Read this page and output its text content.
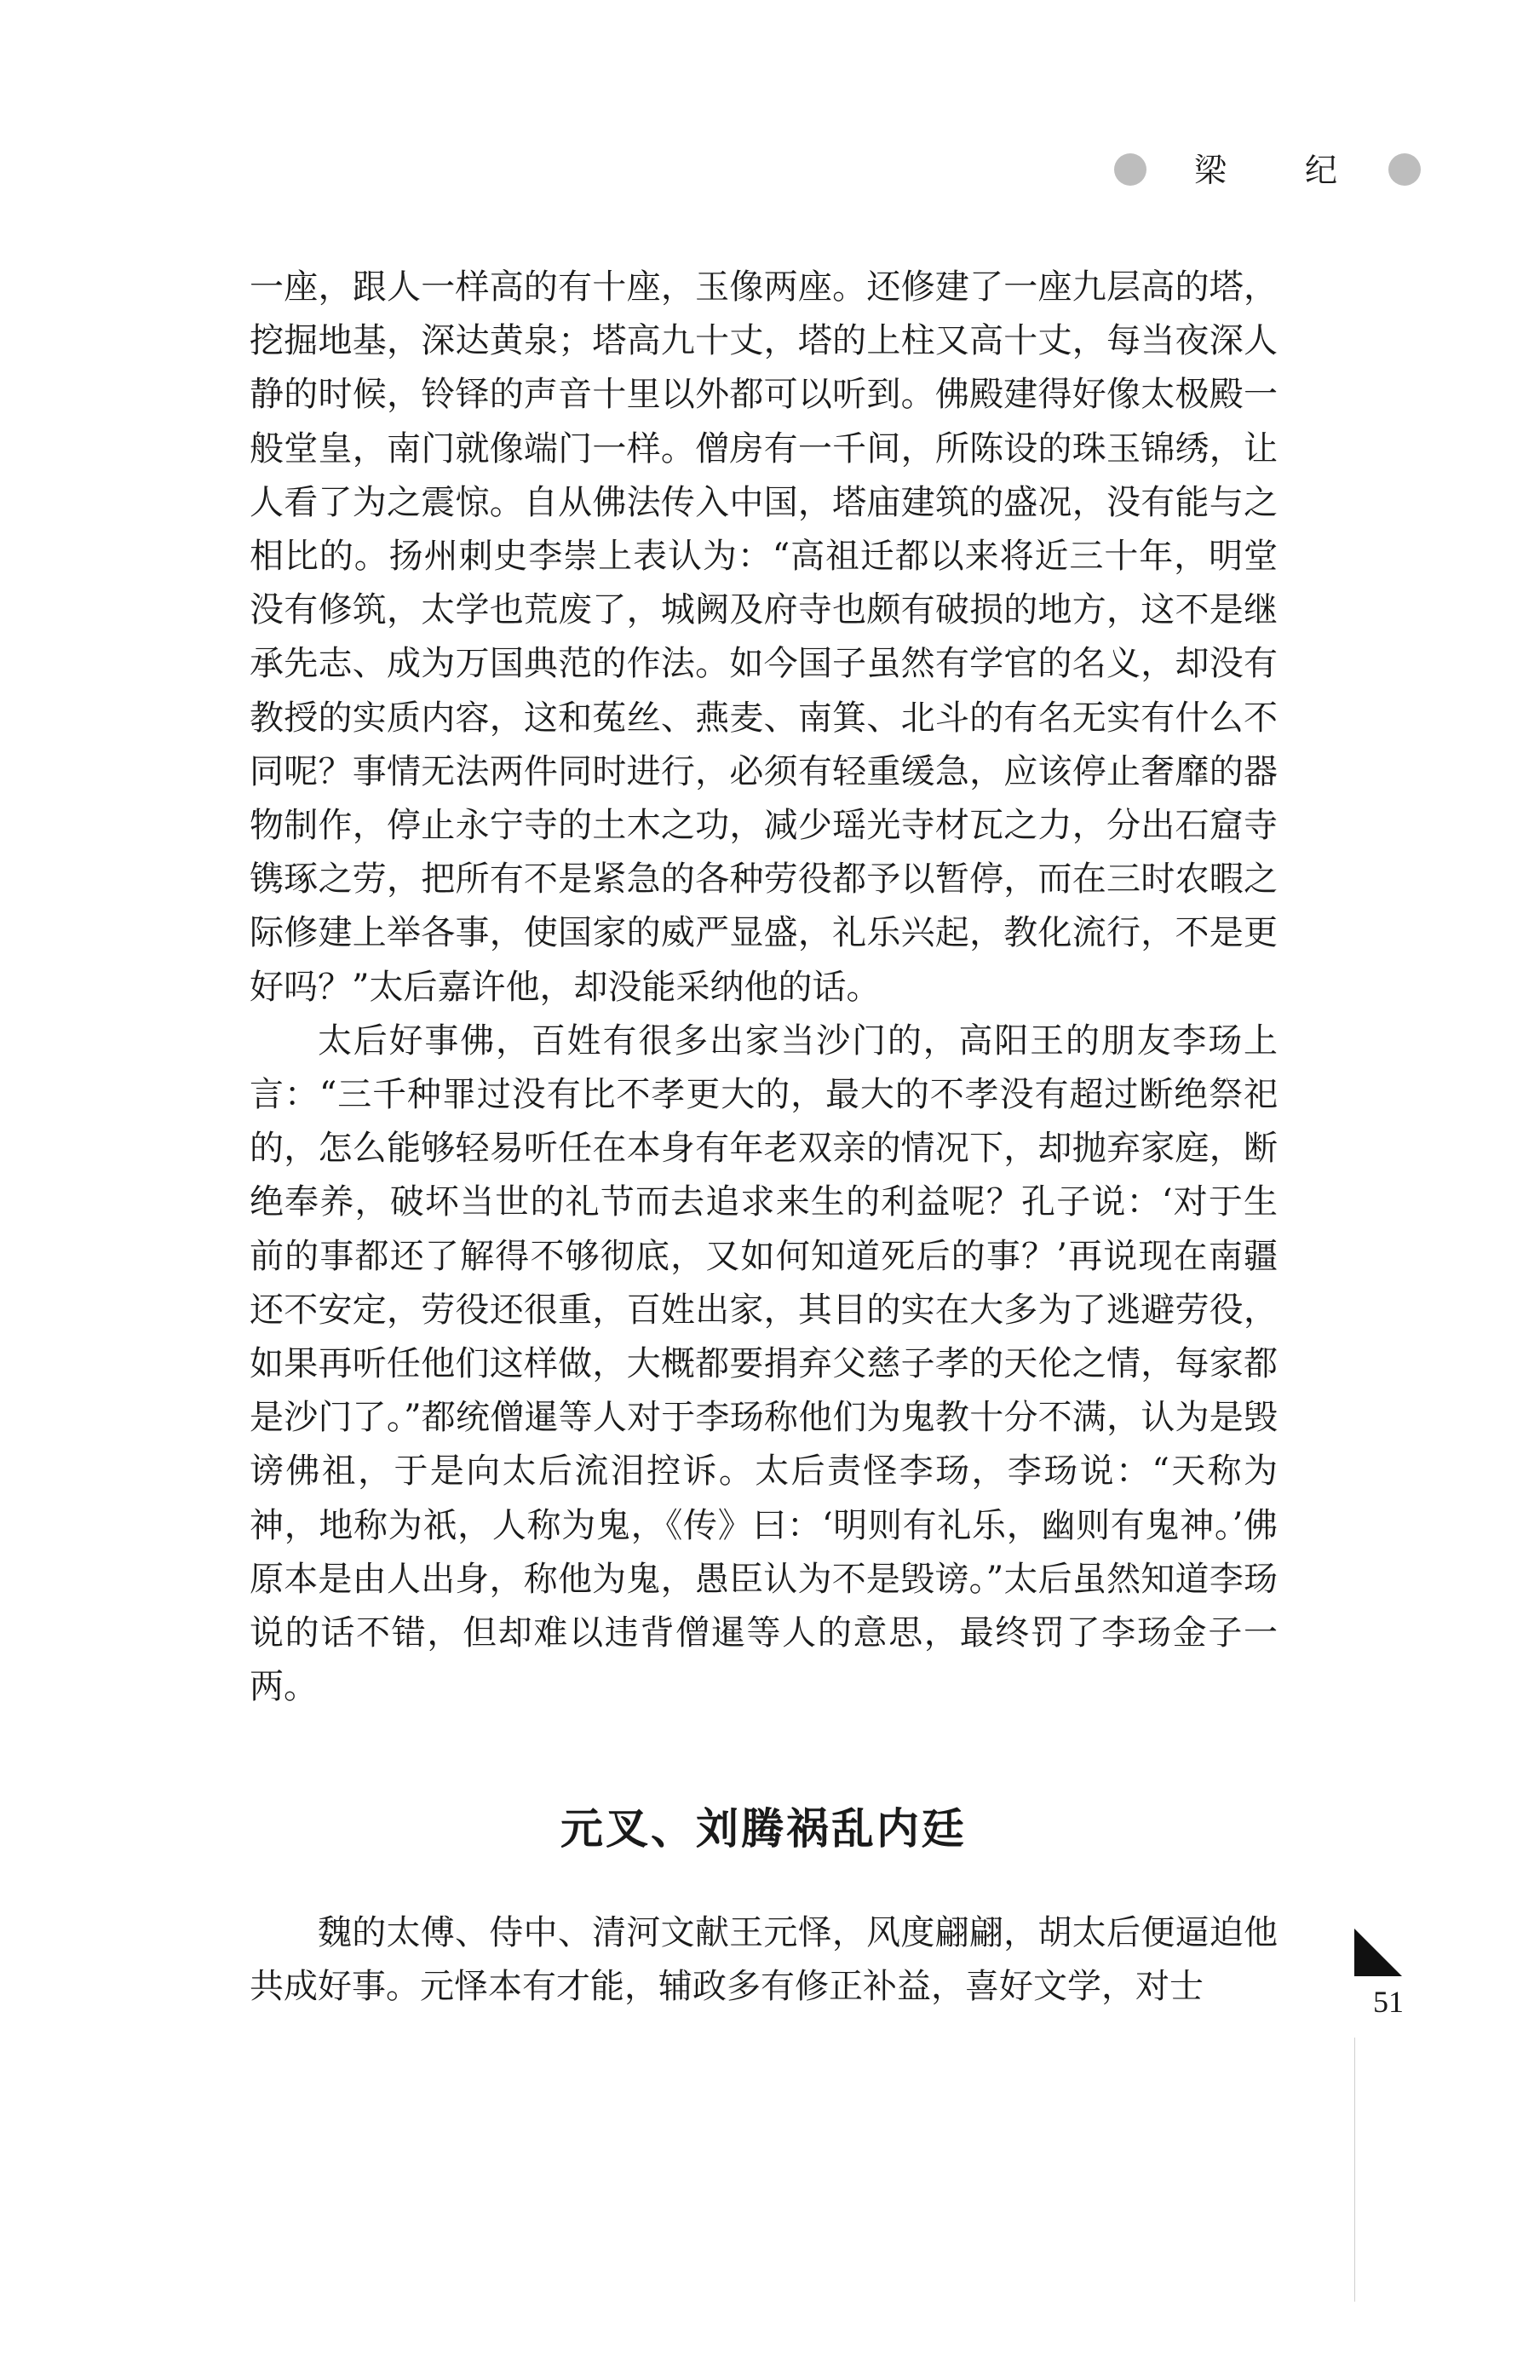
梁 纪

一座，跟人一样高的有十座，玉像两座。还修建了一座九层高的塔，挖掘地基，深达黄泉；塔高九十丈，塔的上柱又高十丈，每当夜深人静的时候，铃铎的声音十里以外都可以听到。佛殿建得好像太极殿一般堂皇，南门就像端门一样。僧房有一千间，所陈设的珠玉锦绣，让人看了为之震惊。自从佛法传入中国，塔庙建筑的盛况，没有能与之相比的。扬州刺史李崇上表认为：“高祖迁都以来将近三十年，明堂没有修筑，太学也荒废了，城阙及府寺也颇有破损的地方，这不是继承先志、成为万国典范的作法。如今国子虽然有学官的名义，却没有教授的实质内容，这和菟丝、燕麦、南箕、北斗的有名无实有什么不同呢？事情无法两件同时进行，必须有轻重缓急，应该停止奢靡的器物制作，停止永宁寺的土木之功，减少瑶光寺材瓦之力，分出石窟寺镌琢之劳，把所有不是紧急的各种劳役都予以暂停，而在三时农暇之际修建上举各事，使国家的威严显盛，礼乐兴起，教化流行，不是更好吗？”太后嘉许他，却没能采纳他的话。

太后好事佛，百姓有很多出家当沙门的，高阳王的朋友李玚上言：“三千种罪过没有比不孝更大的，最大的不孝没有超过断绝祭祀的，怎么能够轻易听任在本身有年老双亲的情况下，却抛弃家庭，断绝奉养，破坏当世的礼节而去追求来生的利益呢？孔子说：‘对于生前的事都还了解得不够彻底，又如何知道死后的事？’再说现在南疆还不安定，劳役还很重，百姓出家，其目的实在大多为了逃避劳役，如果再听任他们这样做，大概都要捐弃父慈子孝的天伦之情，每家都是沙门了。”都统僧暹等人对于李玚称他们为鬼教十分不满，认为是毁谤佛祖，于是向太后流泪控诉。太后责怪李玚，李玚说：“天称为神，地称为祇，人称为鬼，《传》曰：‘明则有礼乐，幽则有鬼神。’佛原本是由人出身，称他为鬼，愚臣认为不是毁谤。”太后虽然知道李玚说的话不错，但却难以违背僧暹等人的意思，最终罚了李玚金子一两。

元叉、刘腾祸乱内廷

魏的太傅、侍中、清河文献王元怿，风度翩翩，胡太后便逼迫他共成好事。元怿本有才能，辅政多有修正补益，喜好文学，对士	51
